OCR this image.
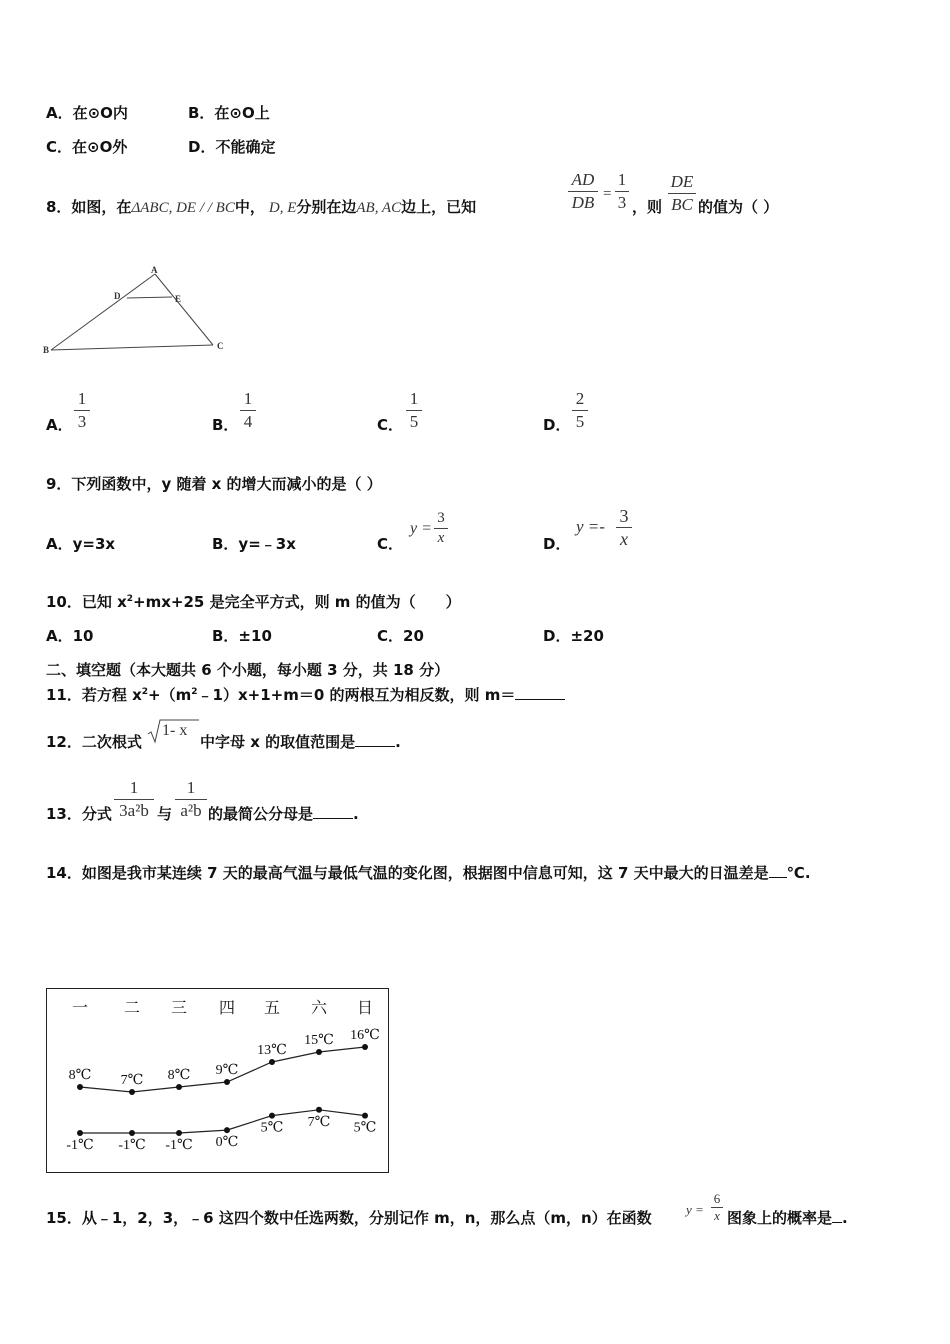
A．在⊙O内	B．在⊙O上
C．在⊙O外	D．不能确定
8．如图，在ΔABC, DE / / BC中， D, E分别在边AB, AC边上，已知
AD
DB =
1
3 ，则
DE
BC 的值为（ ）
A
B	C
D	E
A．
1
3	B．
1
4	C．
1
5	D．
2
5
9．下列函数中，y 随着 x 的增大而减小的是（ ）
A．y=3x	B．y=﹣3x	C．
y =
3
x	D．
y =-
3
x
10．已知 $x^2+mx+25$ 是完全平方式，则 m 的值为（　　）
A．10	B．±10	C．20	D．±20
二、填空题（本大题共 6 个小题，每小题 3 分，共 18 分）
11．若方程 $x^2+(m^2﹣1)x+1+m=0$ 的两根互为相反数，则 m＝
12．二次根式
1- x
中字母 x 的取值范围是	.
13．分式
1
3a²b 与
1
a²b 的最简公分母是	.
14．如图是我市某连续 7 天的最高气温与最低气温的变化图，根据图中信息可知，这 7 天中最大的日温差是 ℃.
一 二 三 四 五 六 日
8℃ 7℃ 8℃ 9℃
13℃
15℃ 16℃
-1℃ -1℃ -1℃ 0℃
5℃ 7℃ 5℃
15．从﹣1，2，3，﹣6 这四个数中任选两数，分别记作 m，n，那么点（m，n）在函数	y =
6
x 图象上的概率是 .
